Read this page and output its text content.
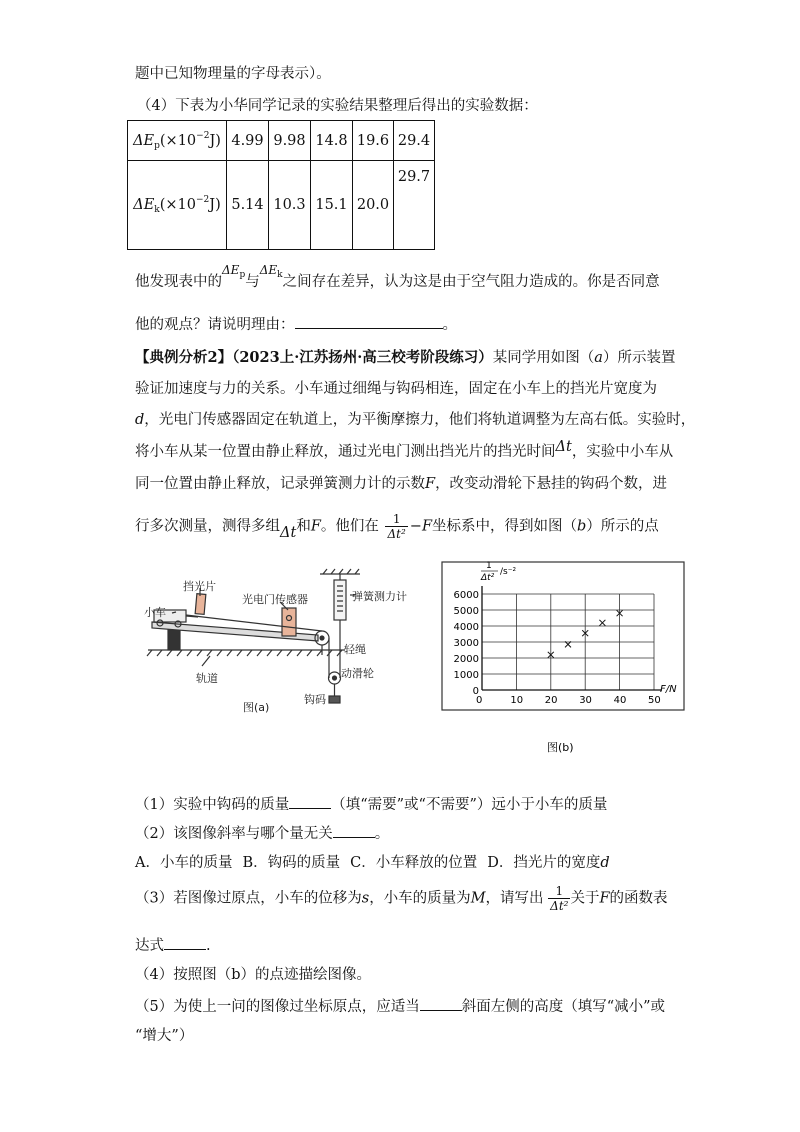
题中已知物理量的字母表示）。
（4）下表为小华同学记录的实验结果整理后得出的实验数据：
$\Delta E_p(\times 10^{-2}J)$	4.99	9.98	14.8	19.6	29.4
$\Delta E_k(\times 10^{-2}J)$	5.14	10.3	15.1	20.0	29.7
他发现表中的$^{\Delta E_p}$与$^{\Delta E_k}$之间存在差异，认为这是由于空气阻力造成的。你是否同意
他的观点？请说明理由：	。
【典例分析2】（2023上·江苏扬州·高三校考阶段练习）某同学用如图（a）所示装置
验证加速度与力的关系。小车通过细绳与钩码相连，固定在小车上的挡光片宽度为
d，光电门传感器固定在轨道上，为平衡摩擦力，他们将轨道调整为左高右低。实验时，
将小车从某一位置由静止释放，通过光电门测出挡光片的挡光时间Δt，实验中小车从
同一位置由静止释放，记录弹簧测力计的示数F，改变动滑轮下悬挂的钩码个数，进
行多次测量，测得多组Δt和F。他们在 $\frac{1}{\text{Δt²}} -F$坐标系中，得到如图（b）所示的点
挡光片
小车
光电门传感器	弹簧测力计
轻绳
动滑轮
轨道
钩码
图(a)
0	10 20 30 40 50
0
1000
2000
3000
4000
5000
6000
1
Δt²
/s⁻²
F/N
图(b)
（1）实验中钩码的质量	（填“需要”或“不需要”）远小于小车的质量
（2）该图像斜率与哪个量无关	。
A．小车的质量 B．钩码的质量 C．小车释放的位置 D．挡光片的宽度d
（3）若图像过原点，小车的位移为s，小车的质量为M，请写出 $\frac{1}{\text{Δt²}}$ 关于F的函数表
达式	.
（4）按照图（b）的点迹描绘图像。
（5）为使上一问的图像过坐标原点，应适当	斜面左侧的高度（填写“减小”或
“增大”）
